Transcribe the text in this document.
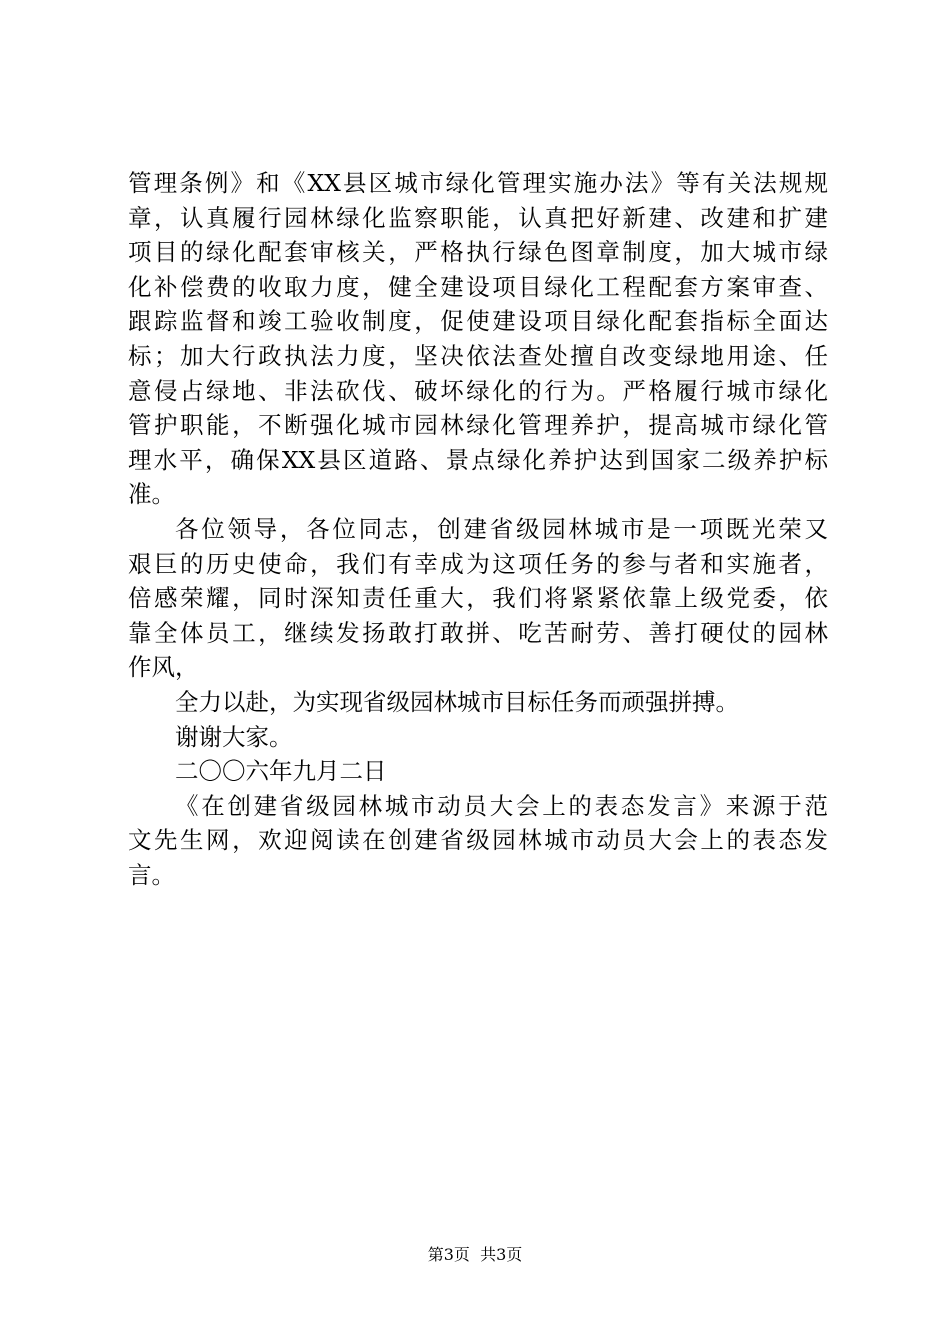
管理条例》和《XX县区城市绿化管理实施办法》等有关法规规
章，认真履行园林绿化监察职能，认真把好新建、改建和扩建
项目的绿化配套审核关，严格执行绿色图章制度，加大城市绿
化补偿费的收取力度，健全建设项目绿化工程配套方案审查、
跟踪监督和竣工验收制度，促使建设项目绿化配套指标全面达
标；加大行政执法力度，坚决依法查处擅自改变绿地用途、任
意侵占绿地、非法砍伐、破坏绿化的行为。严格履行城市绿化
管护职能，不断强化城市园林绿化管理养护，提高城市绿化管
理水平，确保XX县区道路、景点绿化养护达到国家二级养护标
准。
各位领导，各位同志，创建省级园林城市是一项既光荣又
艰巨的历史使命，我们有幸成为这项任务的参与者和实施者，
倍感荣耀，同时深知责任重大，我们将紧紧依靠上级党委，依
靠全体员工，继续发扬敢打敢拼、吃苦耐劳、善打硬仗的园林
作风，
全力以赴，为实现省级园林城市目标任务而顽强拼搏。
谢谢大家。
二〇〇六年九月二日
《在创建省级园林城市动员大会上的表态发言》来源于范
文先生网，欢迎阅读在创建省级园林城市动员大会上的表态发
言。
第3页  共3页
